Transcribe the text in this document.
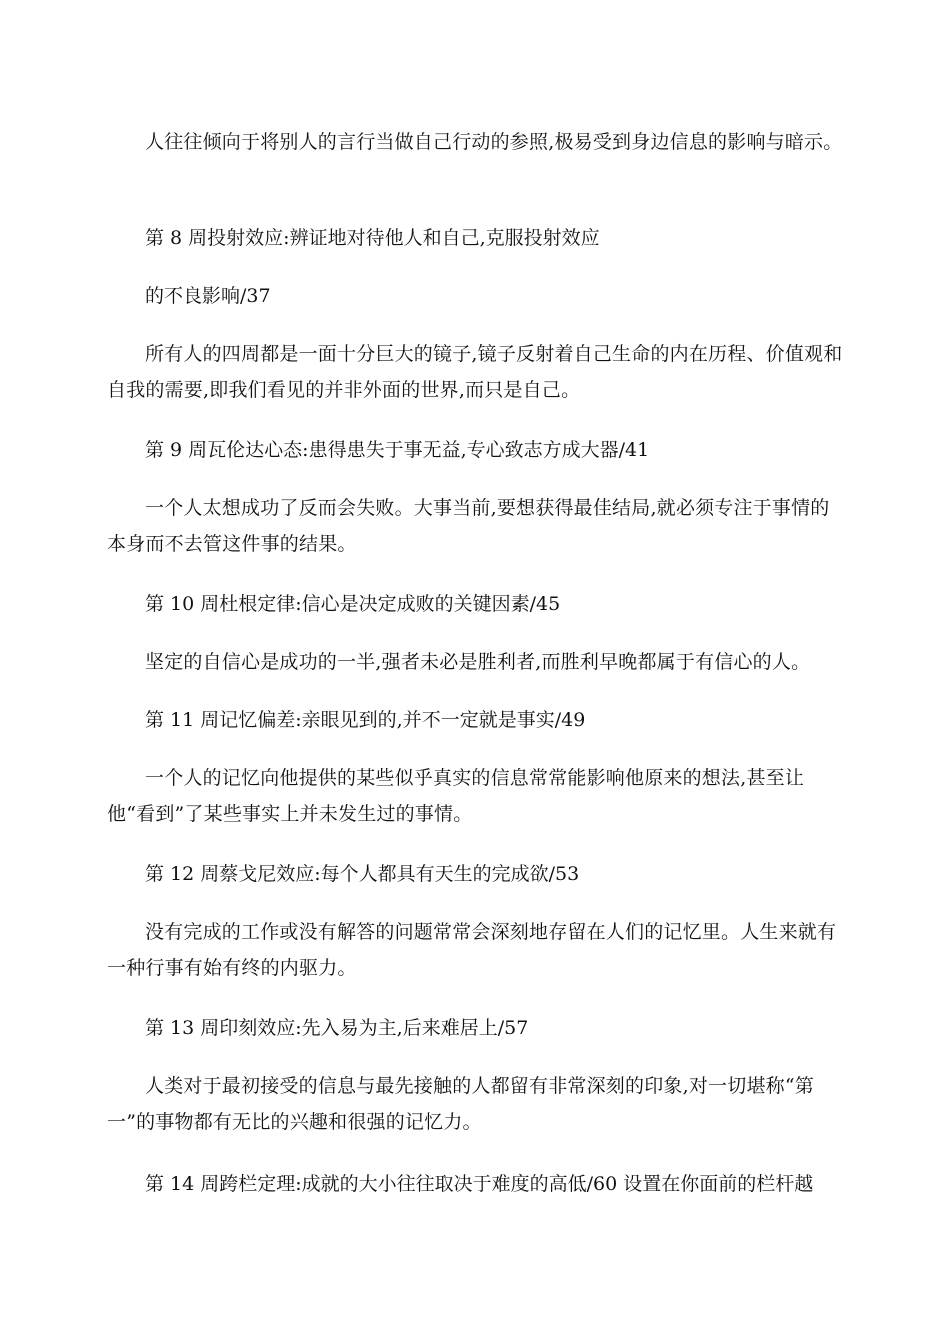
人往往倾向于将别人的言行当做自己行动的参照,极易受到身边信息的影响与暗示。

第 8 周投射效应:辨证地对待他人和自己,克服投射效应

的不良影响/37

所有人的四周都是一面十分巨大的镜子,镜子反射着自己生命的内在历程、价值观和自我的需要,即我们看见的并非外面的世界,而只是自己。

第 9 周瓦伦达心态:患得患失于事无益,专心致志方成大器/41

一个人太想成功了反而会失败。大事当前,要想获得最佳结局,就必须专注于事情的本身而不去管这件事的结果。

第 10 周杜根定律:信心是决定成败的关键因素/45

坚定的自信心是成功的一半,强者未必是胜利者,而胜利早晚都属于有信心的人。

第 11 周记忆偏差:亲眼见到的,并不一定就是事实/49

一个人的记忆向他提供的某些似乎真实的信息常常能影响他原来的想法,甚至让他“看到”了某些事实上并未发生过的事情。

第 12 周蔡戈尼效应:每个人都具有天生的完成欲/53

没有完成的工作或没有解答的问题常常会深刻地存留在人们的记忆里。人生来就有一种行事有始有终的内驱力。

第 13 周印刻效应:先入易为主,后来难居上/57

人类对于最初接受的信息与最先接触的人都留有非常深刻的印象,对一切堪称“第一”的事物都有无比的兴趣和很强的记忆力。

第 14 周跨栏定理:成就的大小往往取决于难度的高低/60 设置在你面前的栏杆越
